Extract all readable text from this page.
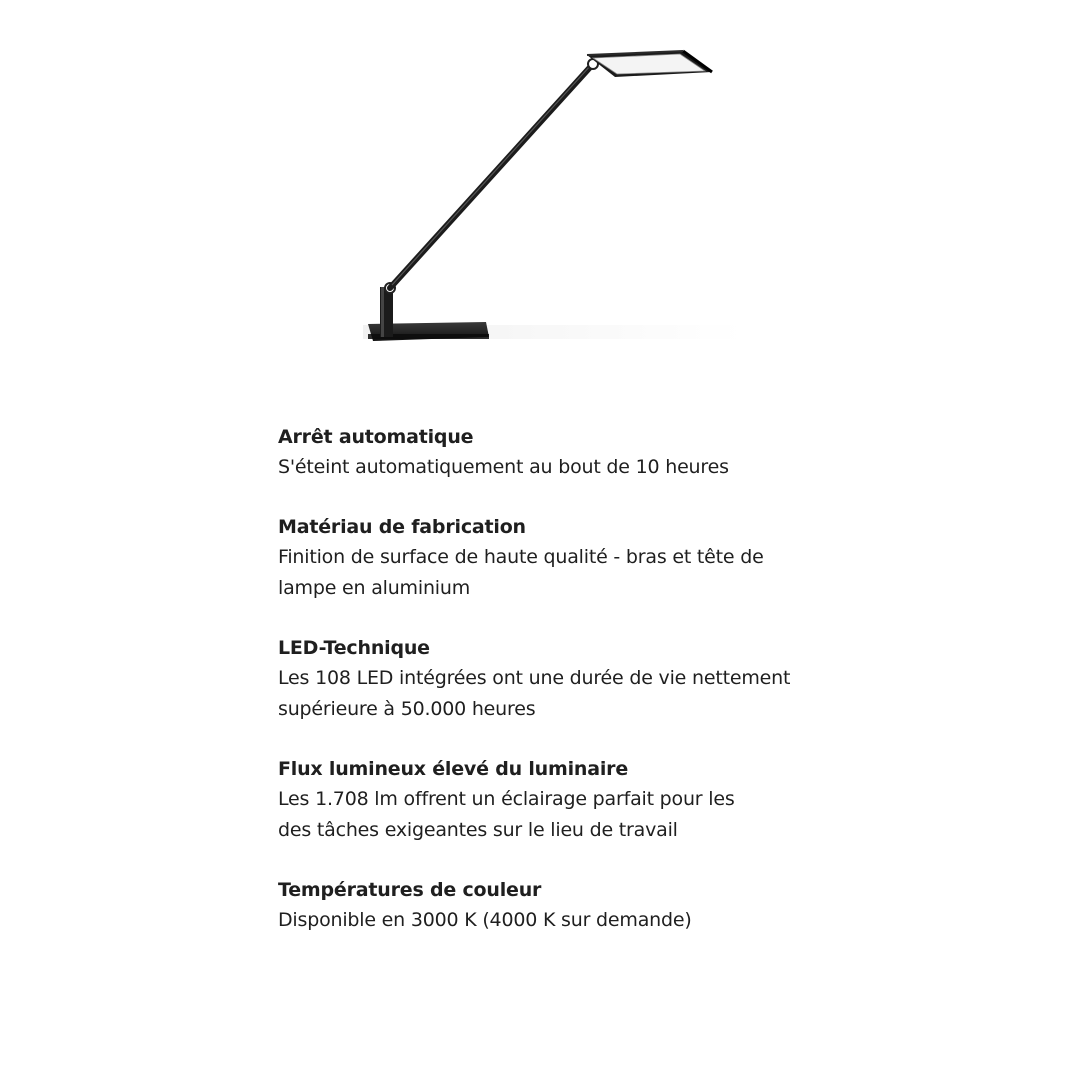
Arrêt automatique

S'éteint automatiquement au bout de 10 heures

Matériau de fabrication

Finition de surface de haute qualité - bras et tête de
lampe en aluminium

LED-Technique

Les 108 LED intégrées ont une durée de vie nettement
supérieure à 50.000 heures

Flux lumineux élevé du luminaire

Les 1.708 lm offrent un éclairage parfait pour les
des tâches exigeantes sur le lieu de travail

Températures de couleur

Disponible en 3000 K (4000 K sur demande)
